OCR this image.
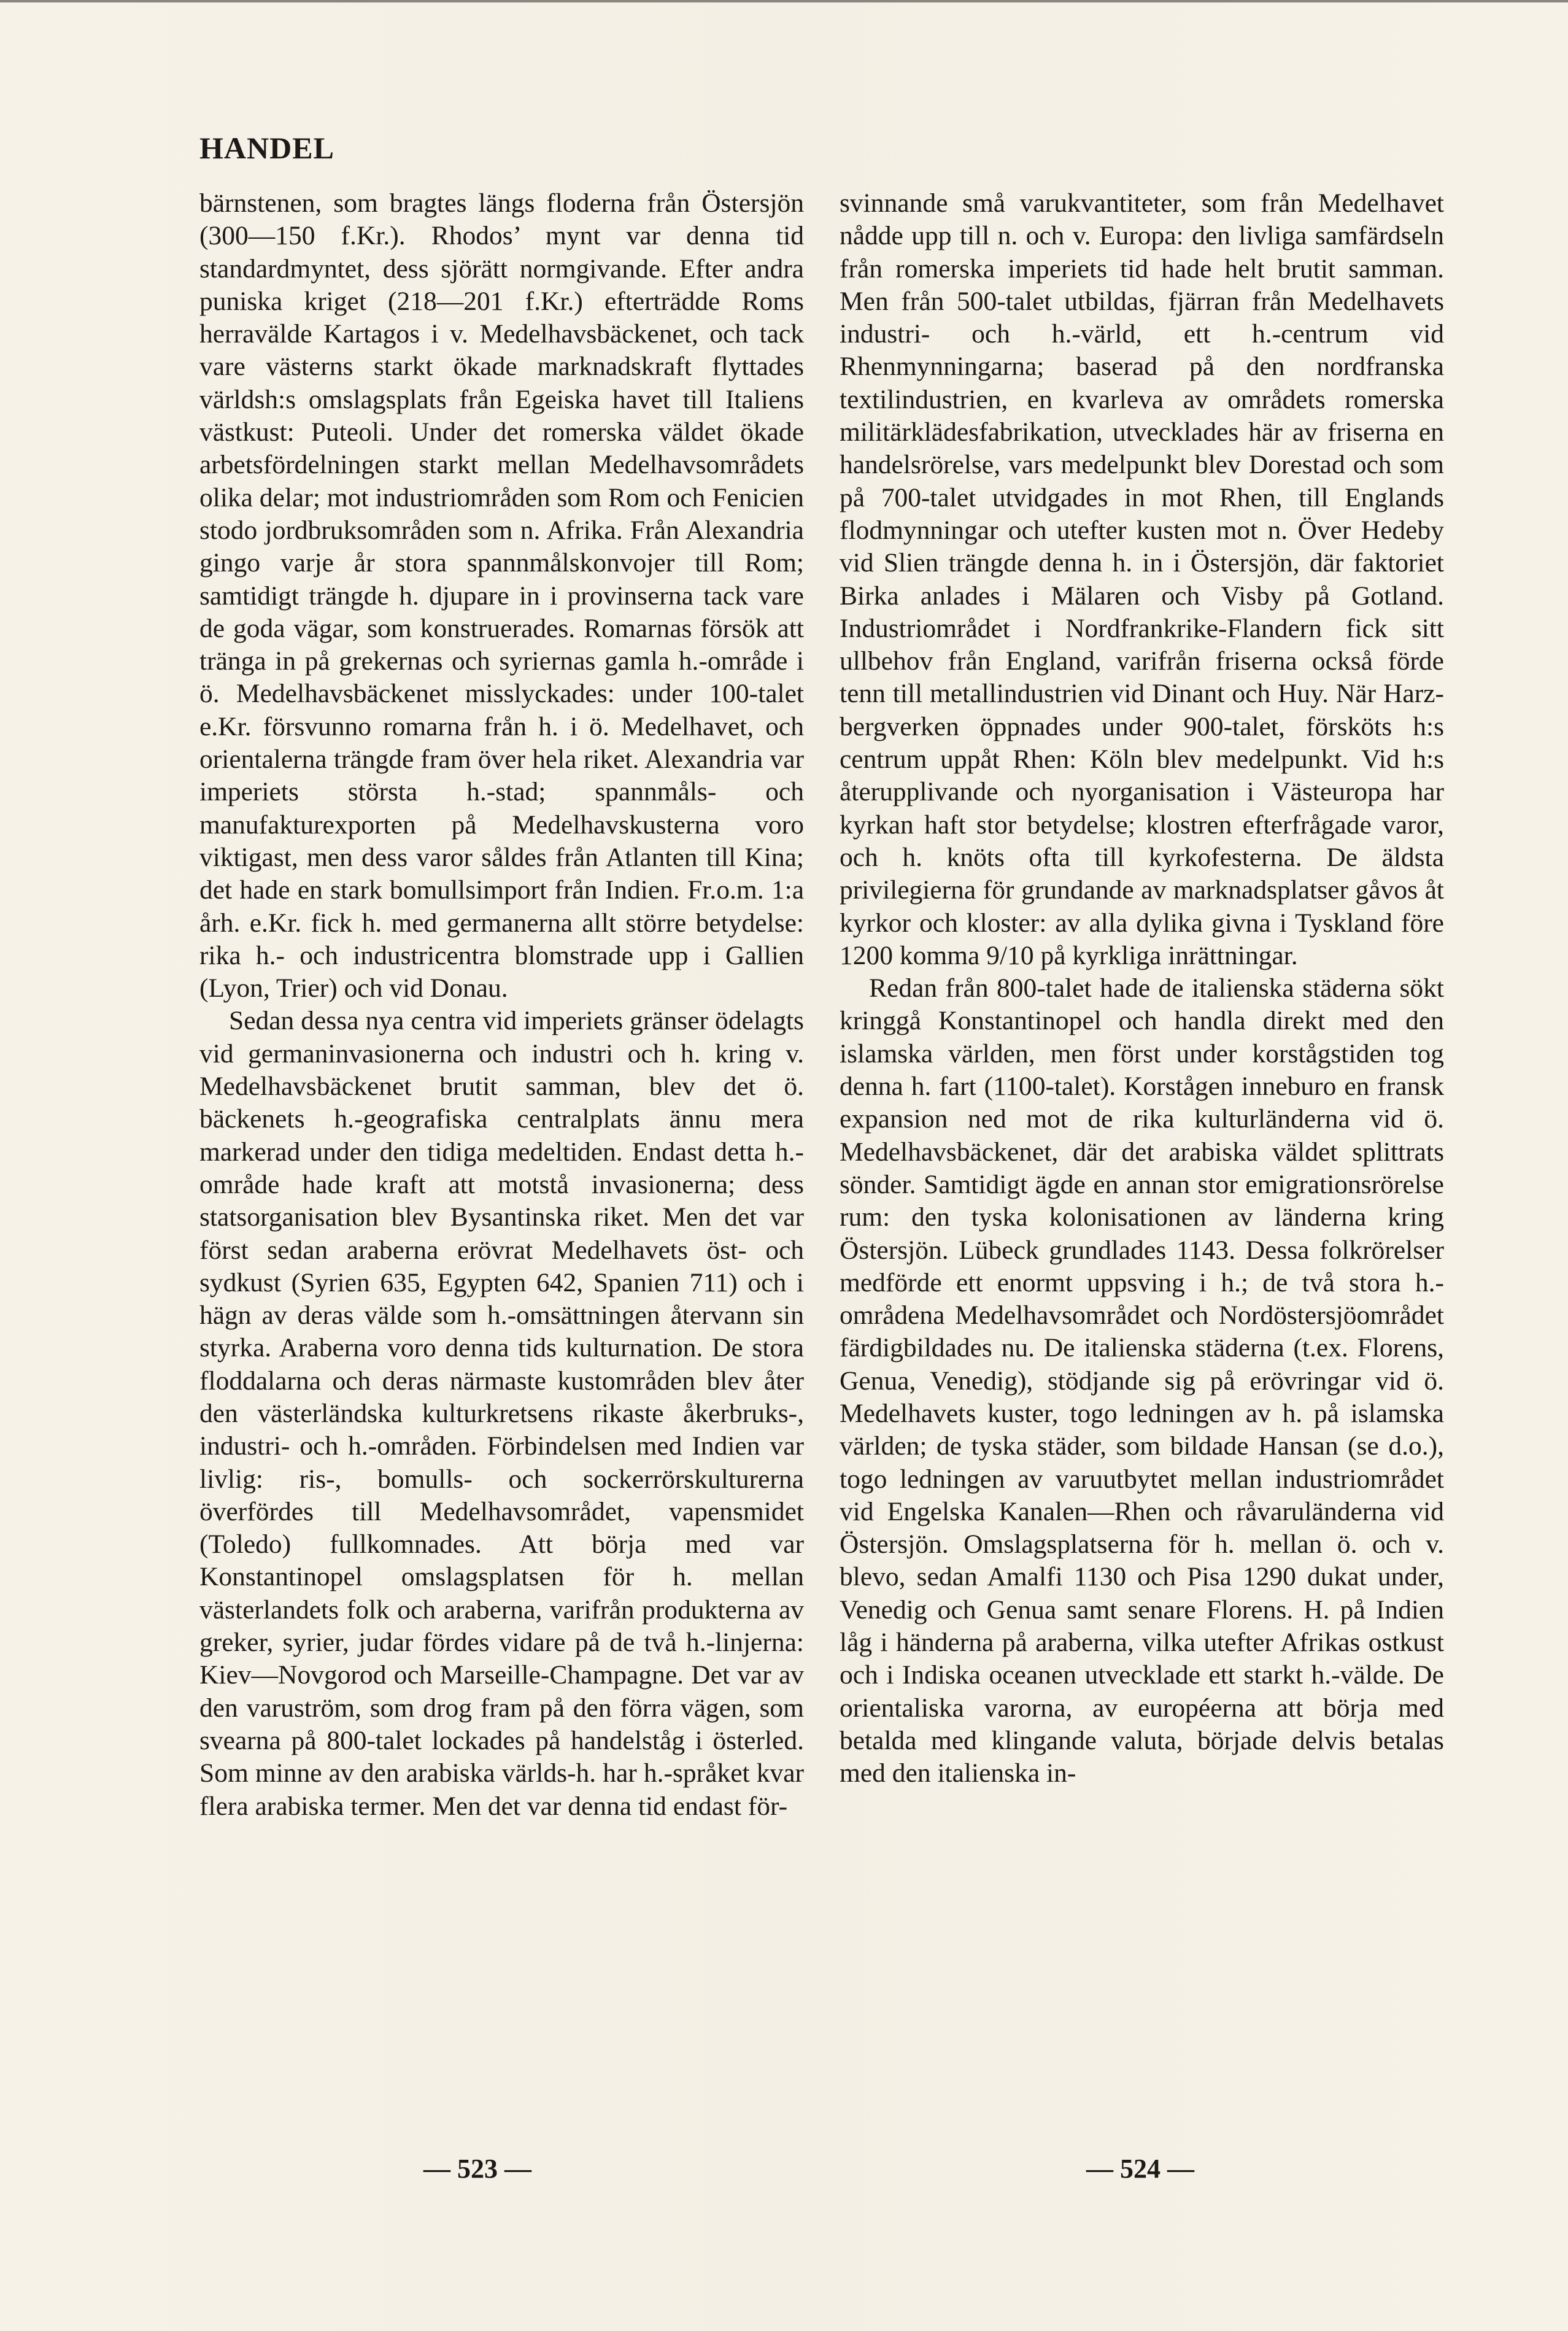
HANDEL

bärnstenen, som bragtes längs floderna från Östersjön (300—150 f.Kr.). Rhodos’ mynt var denna tid standardmyntet, dess sjörätt normgivande. Efter andra puniska kriget (218—201 f.Kr.) efterträdde Roms herravälde Kartagos i v. Medelhavsbäckenet, och tack vare västerns starkt ökade marknadskraft flyttades världsh:s omslagsplats från Egeiska havet till Italiens västkust: Puteoli. Under det romerska väldet ökade arbetsfördelningen starkt mellan Medelhavsområdets olika delar; mot industriområden som Rom och Fenicien stodo jordbruksområden som n. Afrika. Från Alexandria gingo varje år stora spannmålskonvojer till Rom; samtidigt trängde h. djupare in i provinserna tack vare de goda vägar, som konstruerades. Romarnas försök att tränga in på grekernas och syriernas gamla h.-område i ö. Medelhavsbäckenet misslyckades: under 100-talet e.Kr. försvunno romarna från h. i ö. Medelhavet, och orientalerna trängde fram över hela riket. Alexandria var imperiets största h.-stad; spannmåls- och manufakturexporten på Medelhavskusterna voro viktigast, men dess varor såldes från Atlanten till Kina; det hade en stark bomullsimport från Indien. Fr.o.m. 1:a årh. e.Kr. fick h. med germanerna allt större betydelse: rika h.- och industricentra blomstrade upp i Gallien (Lyon, Trier) och vid Donau.

Sedan dessa nya centra vid imperiets gränser ödelagts vid germaninvasionerna och industri och h. kring v. Medelhavsbäckenet brutit samman, blev det ö. bäckenets h.-geografiska centralplats ännu mera markerad under den tidiga medeltiden. Endast detta h.-område hade kraft att motstå invasionerna; dess statsorganisation blev Bysantinska riket. Men det var först sedan araberna erövrat Medelhavets öst- och sydkust (Syrien 635, Egypten 642, Spanien 711) och i hägn av deras välde som h.-omsättningen återvann sin styrka. Araberna voro denna tids kulturnation. De stora floddalarna och deras närmaste kustområden blev åter den västerländska kulturkretsens rikaste åkerbruks-, industri- och h.-områden. Förbindelsen med Indien var livlig: ris-, bomulls- och sockerrörskulturerna överfördes till Medelhavsområdet, vapensmidet (Toledo) fullkomnades. Att börja med var Konstantinopel omslagsplatsen för h. mellan västerlandets folk och araberna, varifrån produkterna av greker, syrier, judar fördes vidare på de två h.-linjerna: Kiev—Novgorod och Marseille-Champagne. Det var av den varuström, som drog fram på den förra vägen, som svearna på 800-talet lockades på handelståg i österled. Som minne av den arabiska världs-h. har h.-språket kvar flera arabiska termer. Men det var denna tid endast för-

svinnande små varukvantiteter, som från Medelhavet nådde upp till n. och v. Europa: den livliga samfärdseln från romerska imperiets tid hade helt brutit samman. Men från 500-talet utbildas, fjärran från Medelhavets industri- och h.-värld, ett h.-centrum vid Rhenmynningarna; baserad på den nordfranska textilindustrien, en kvarleva av områdets romerska militärklädesfabrikation, utvecklades här av friserna en handelsrörelse, vars medelpunkt blev Dorestad och som på 700-talet utvidgades in mot Rhen, till Englands flodmynningar och utefter kusten mot n. Över Hedeby vid Slien trängde denna h. in i Östersjön, där faktoriet Birka anlades i Mälaren och Visby på Gotland. Industriområdet i Nordfrankrike-Flandern fick sitt ullbehov från England, varifrån friserna också förde tenn till metallindustrien vid Dinant och Huy. När Harz-bergverken öppnades under 900-talet, försköts h:s centrum uppåt Rhen: Köln blev medelpunkt. Vid h:s återupplivande och nyorganisation i Västeuropa har kyrkan haft stor betydelse; klostren efterfrågade varor, och h. knöts ofta till kyrkofesterna. De äldsta privilegierna för grundande av marknadsplatser gåvos åt kyrkor och kloster: av alla dylika givna i Tyskland före 1200 komma 9/10 på kyrkliga inrättningar.

Redan från 800-talet hade de italienska städerna sökt kringgå Konstantinopel och handla direkt med den islamska världen, men först under korstågstiden tog denna h. fart (1100-talet). Korstågen inneburo en fransk expansion ned mot de rika kulturländerna vid ö. Medelhavsbäckenet, där det arabiska väldet splittrats sönder. Samtidigt ägde en annan stor emigrationsrörelse rum: den tyska kolonisationen av länderna kring Östersjön. Lübeck grundlades 1143. Dessa folkrörelser medförde ett enormt uppsving i h.; de två stora h.-områdena Medelhavsområdet och Nordöstersjöområdet färdigbildades nu. De italienska städerna (t.ex. Florens, Genua, Venedig), stödjande sig på erövringar vid ö. Medelhavets kuster, togo ledningen av h. på islamska världen; de tyska städer, som bildade Hansan (se d.o.), togo ledningen av varuutbytet mellan industriområdet vid Engelska Kanalen—Rhen och råvaruländerna vid Östersjön. Omslagsplatserna för h. mellan ö. och v. blevo, sedan Amalfi 1130 och Pisa 1290 dukat under, Venedig och Genua samt senare Florens. H. på Indien låg i händerna på araberna, vilka utefter Afrikas ostkust och i Indiska oceanen utvecklade ett starkt h.-välde. De orientaliska varorna, av européerna att börja med betalda med klingande valuta, började delvis betalas med den italienska in-

— 523 —	— 524 —
